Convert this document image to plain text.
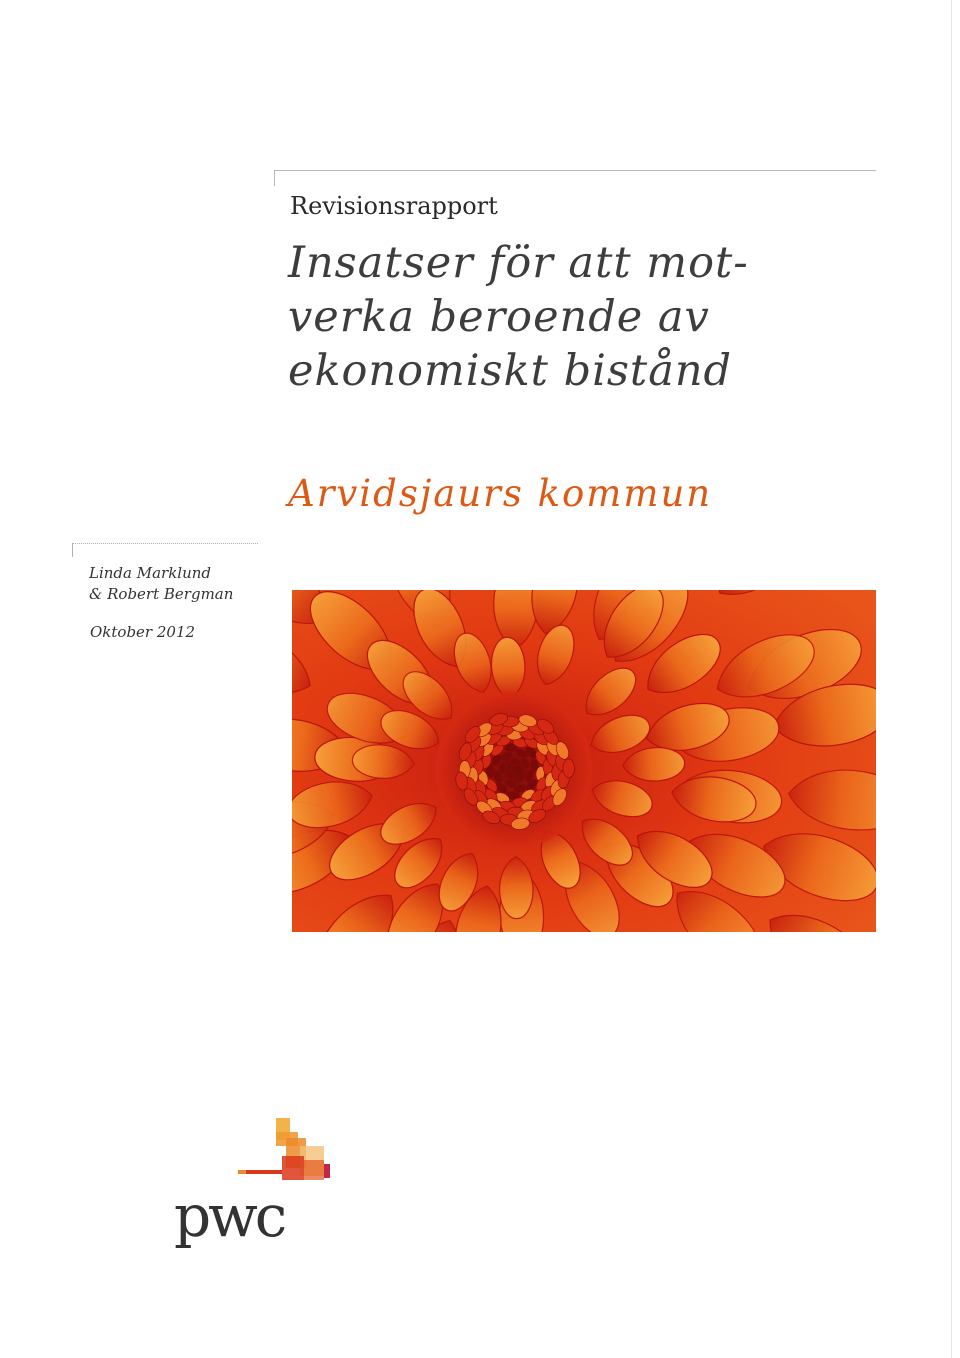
Revisionsrapport
Insatser för att mot-
verka beroende av
ekonomiskt bistånd
Arvidsjaurs kommun
Linda Marklund
& Robert Bergman
Oktober 2012
pwc
